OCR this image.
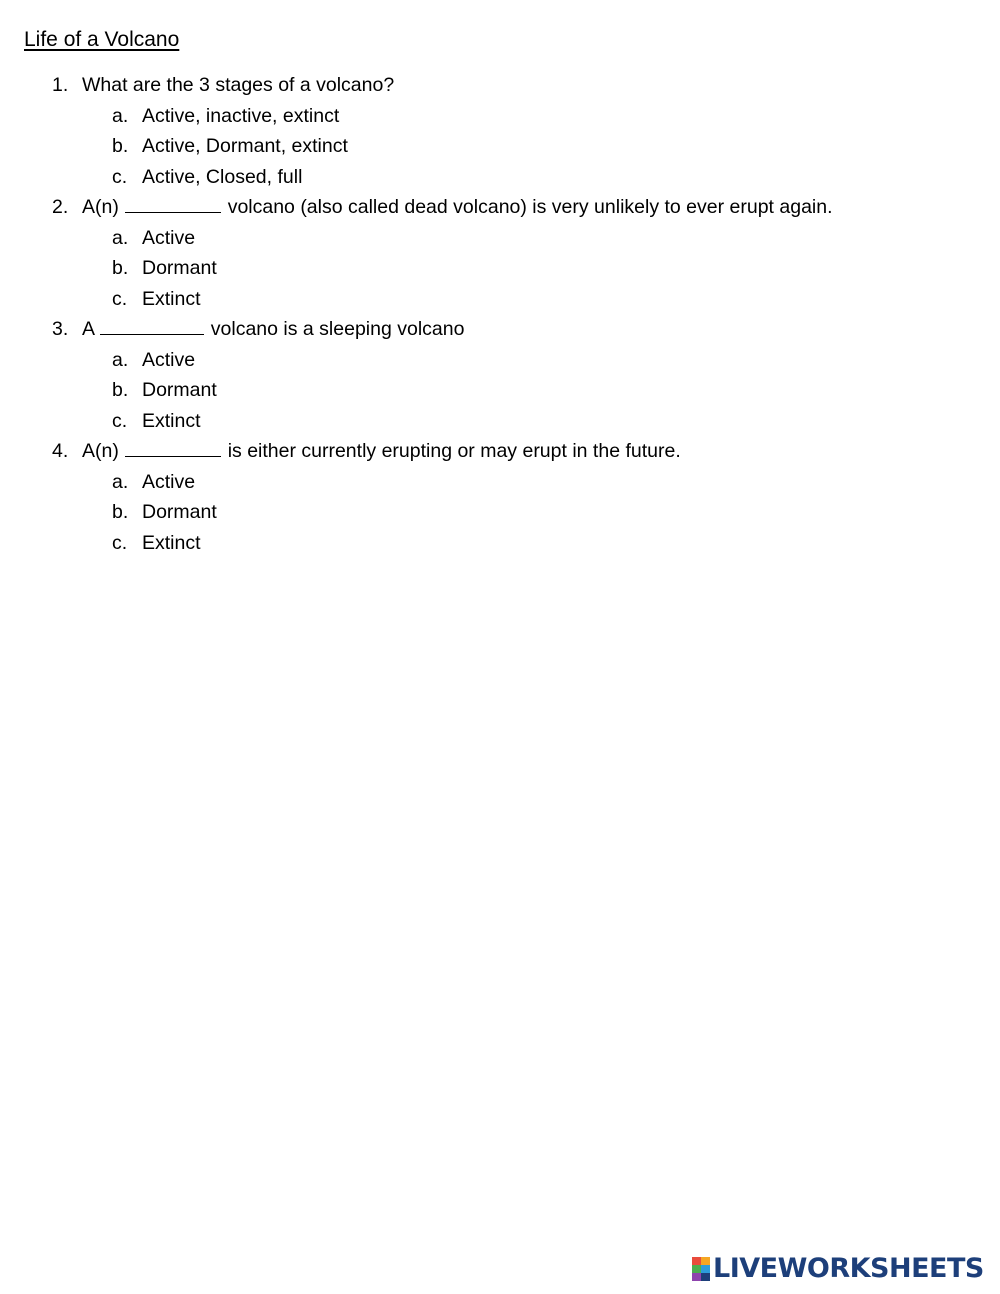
Life of a Volcano
1. What are the 3 stages of a volcano?
a. Active, inactive, extinct
b. Active, Dormant, extinct
c. Active, Closed, full
2. A(n)	volcano (also called dead volcano) is very unlikely to ever erupt again.
a. Active
b. Dormant
c. Extinct
3. A	volcano is a sleeping volcano
a. Active
b. Dormant
c. Extinct
4. A(n)	is either currently erupting or may erupt in the future.
a. Active
b. Dormant
c. Extinct
LIVEWORKSHEETS
